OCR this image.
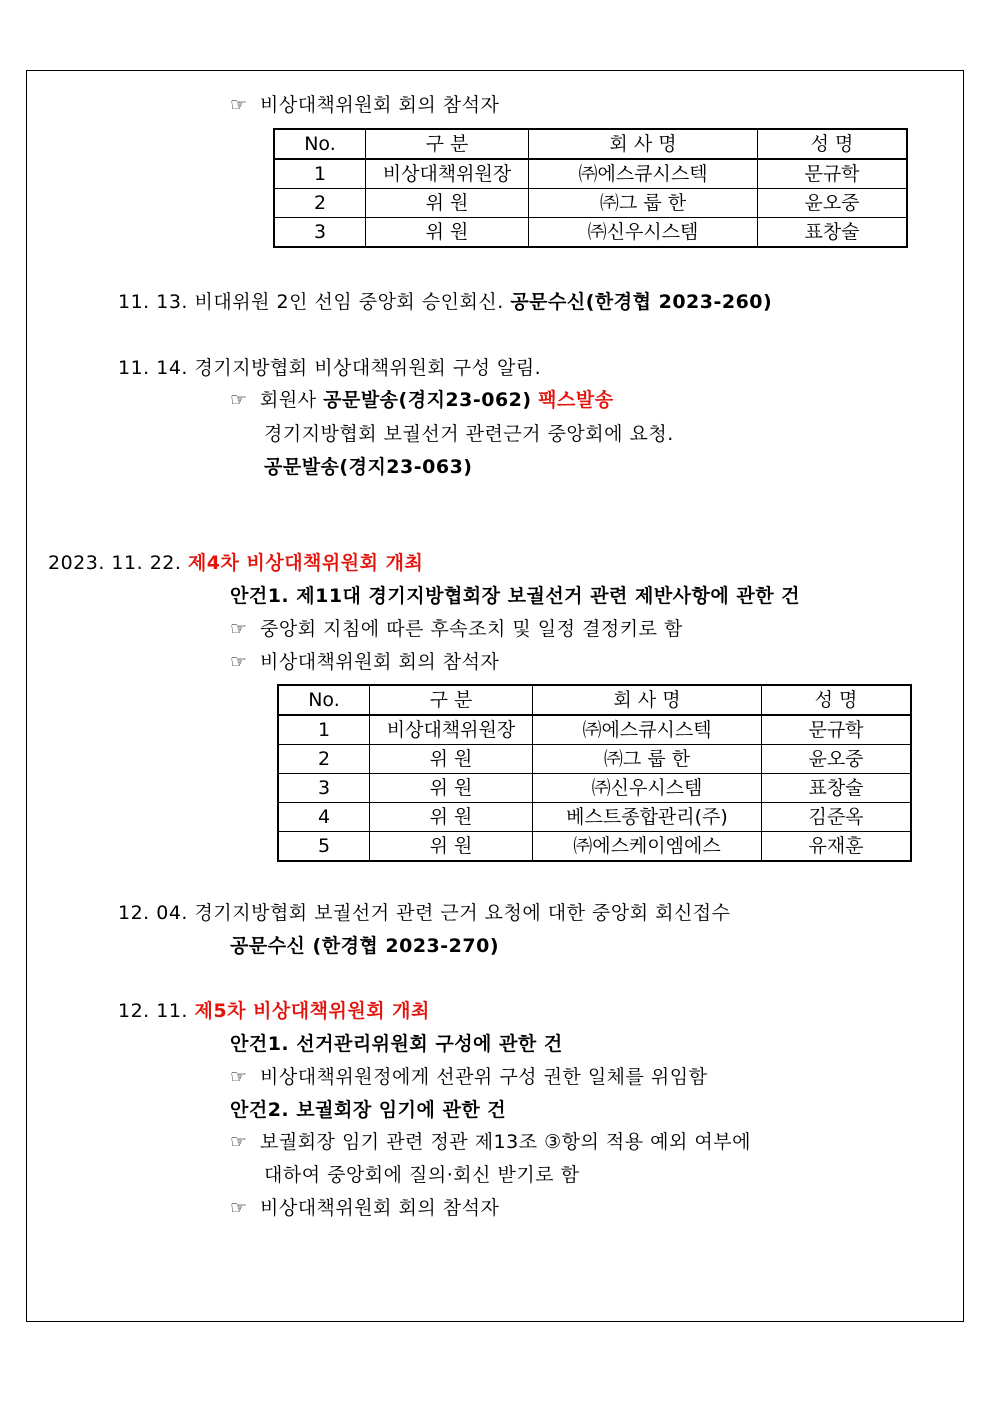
☞ 비상대책위원회 회의 참석자
No.	구 분	회 사 명	성 명
1	비상대책위원장	㈜에스큐시스텍	문규학
2	위 원	㈜그 룹 한	윤오중
3	위 원	㈜신우시스템	표창술
11. 13. 비대위원 2인 선임 중앙회 승인회신. 공문수신(한경협 2023-260)
11. 14. 경기지방협회 비상대책위원회 구성 알림.
☞ 회원사 공문발송(경지23-062) 팩스발송
경기지방협회 보궐선거 관련근거 중앙회에 요청.
공문발송(경지23-063)
2023. 11. 22. 제4차 비상대책위원회 개최
안건1. 제11대 경기지방협회장 보궐선거 관련 제반사항에 관한 건
☞ 중앙회 지침에 따른 후속조치 및 일정 결정키로 함
☞ 비상대책위원회 회의 참석자
No.	구 분	회 사 명	성 명
1	비상대책위원장	㈜에스큐시스텍	문규학
2	위 원	㈜그 룹 한	윤오중
3	위 원	㈜신우시스템	표창술
4	위 원	베스트종합관리(주)	김준옥
5	위 원	㈜에스케이엠에스	유재훈
12. 04. 경기지방협회 보궐선거 관련 근거 요청에 대한 중앙회 회신접수
공문수신 (한경협 2023-270)
12. 11. 제5차 비상대책위원회 개최
안건1. 선거관리위원회 구성에 관한 건
☞ 비상대책위원정에게 선관위 구성 권한 일체를 위임함
안건2. 보궐회장 임기에 관한 건
☞ 보궐회장 임기 관련 정관 제13조 ③항의 적용 예외 여부에
대하여 중앙회에 질의·회신 받기로 함
☞ 비상대책위원회 회의 참석자
